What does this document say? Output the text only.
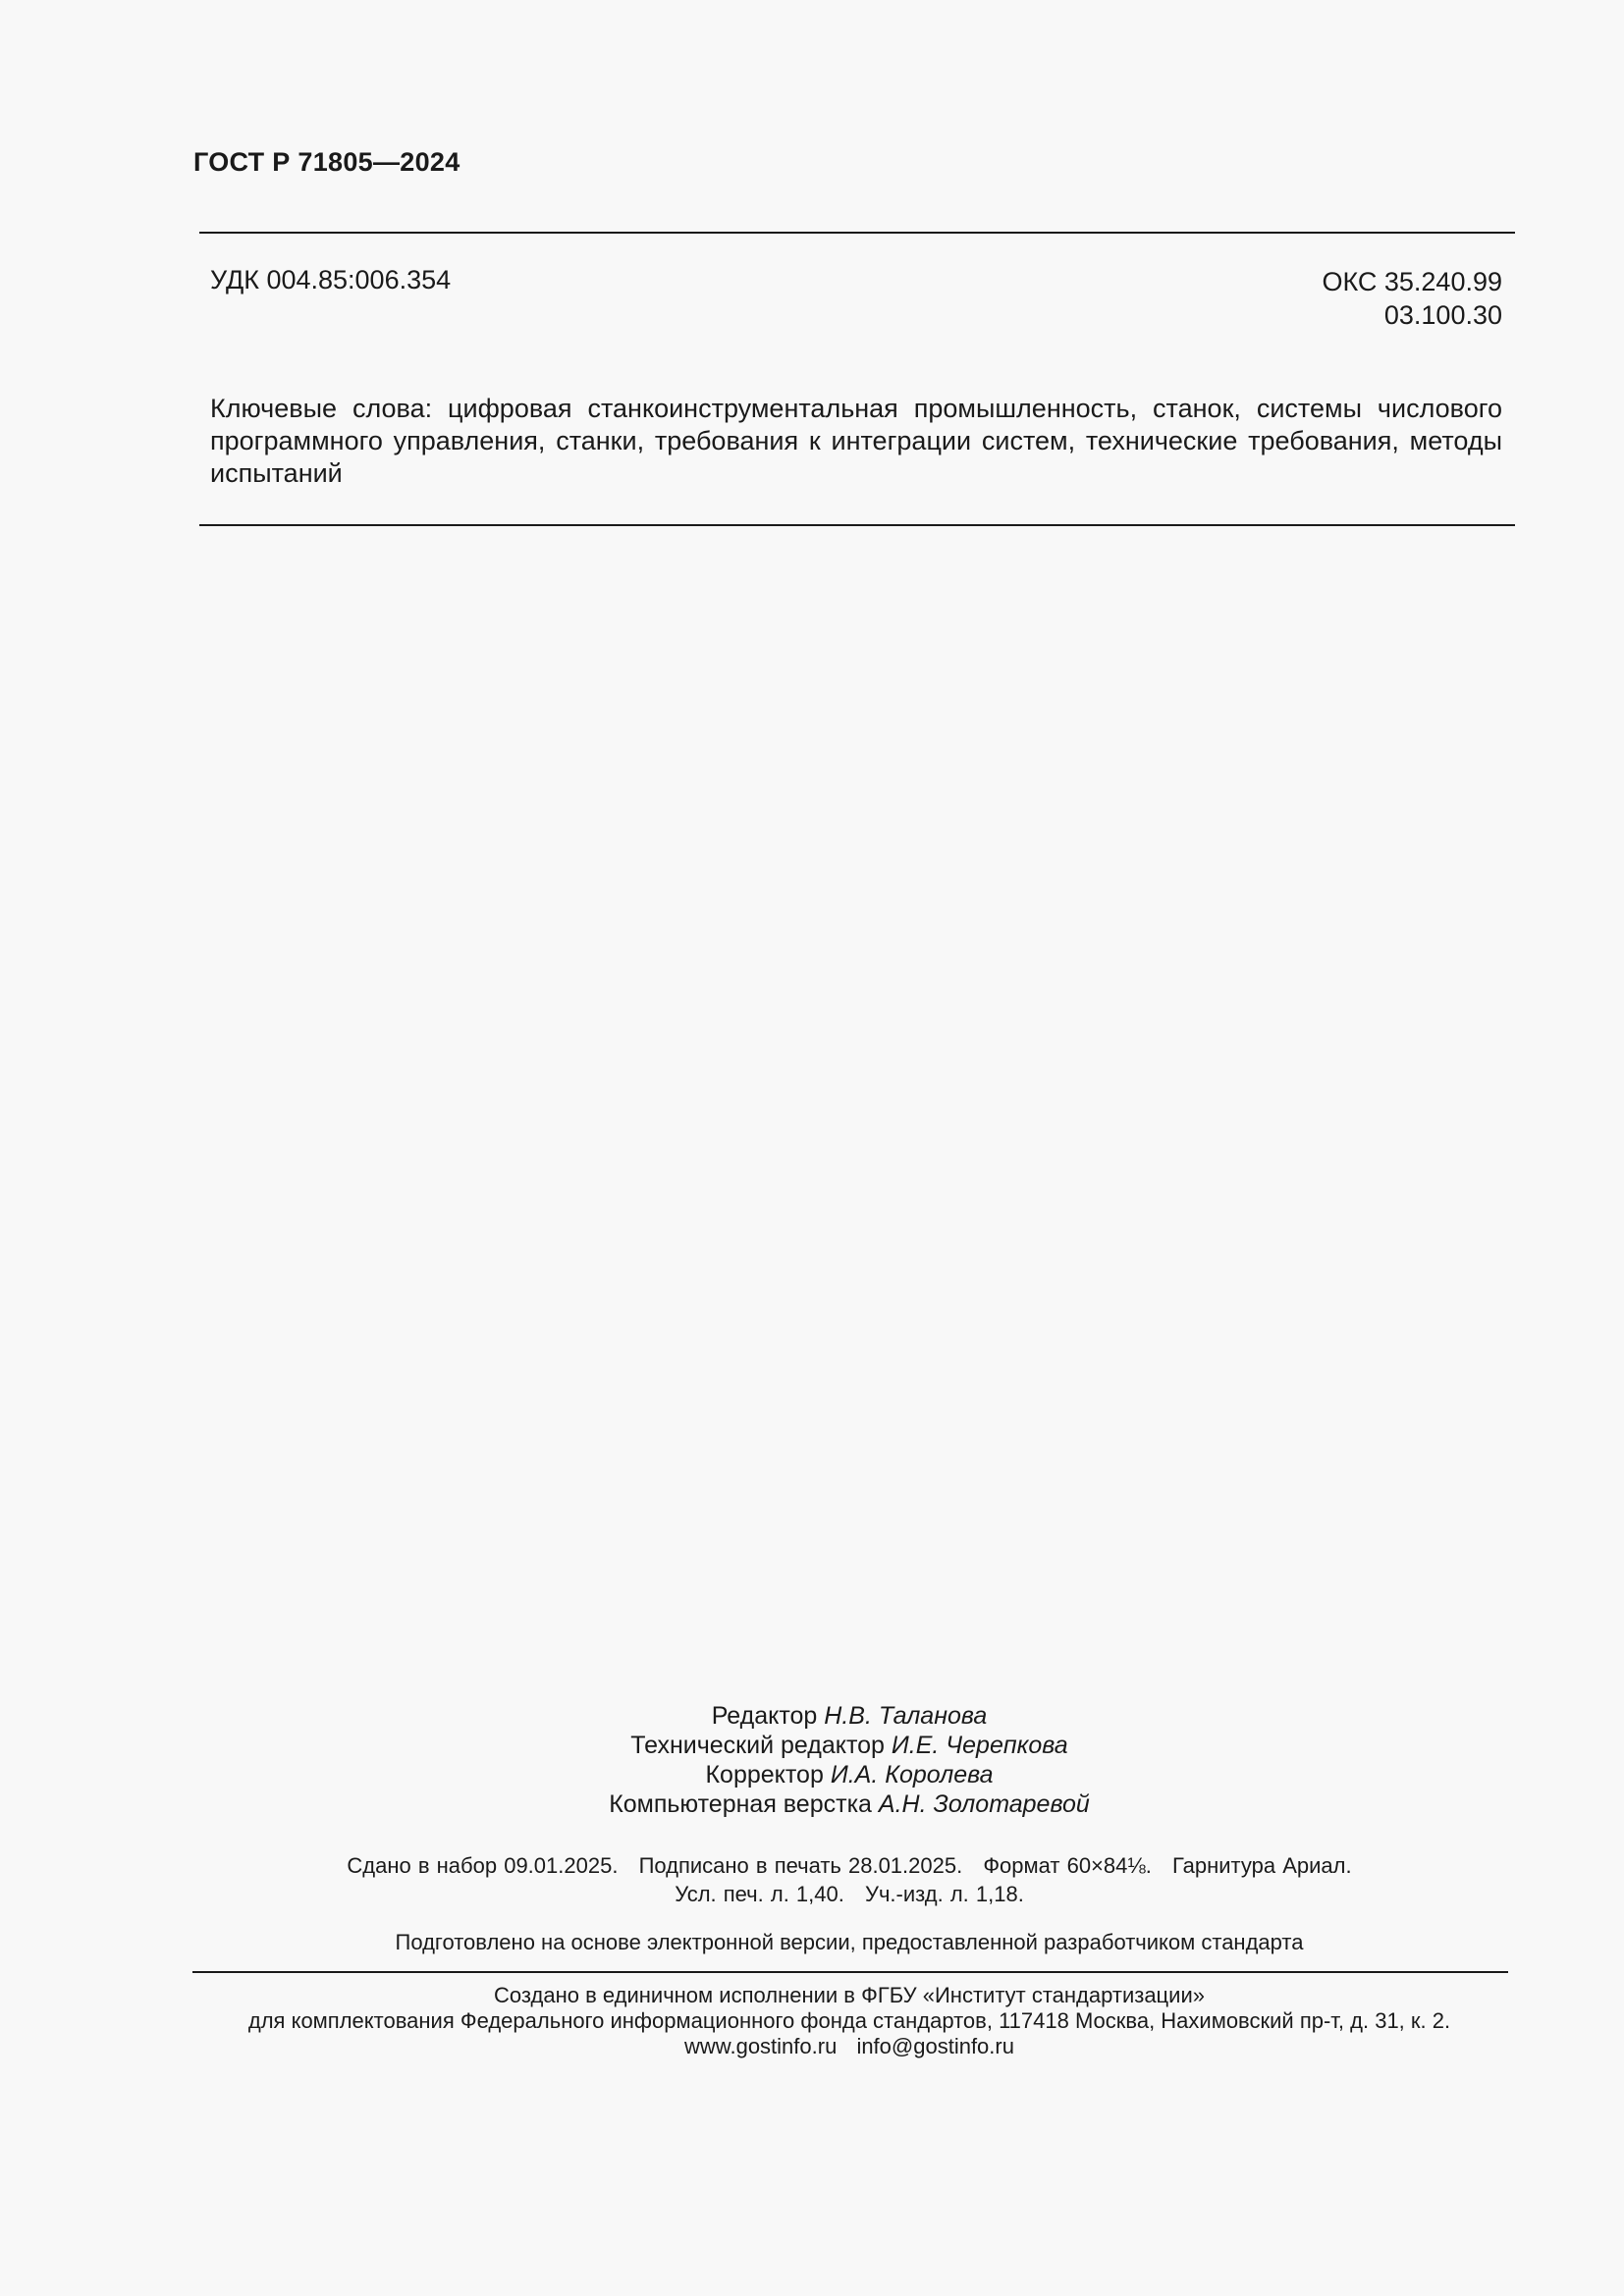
ГОСТ Р 71805—2024
УДК 004.85:006.354	ОКС 35.240.99
03.100.30
Ключевые слова: цифровая станкоинструментальная промышленность, станок, системы числового программного управления, станки, требования к интеграции систем, технические требования, методы испытаний
Редактор Н.В. Таланова
Технический редактор И.Е. Черепкова
Корректор И.А. Королева
Компьютерная верстка А.Н. Золотаревой
Сдано в набор 09.01.2025. Подписано в печать 28.01.2025. Формат 60×84⅛. Гарнитура Ариал.
Усл. печ. л. 1,40. Уч.-изд. л. 1,18.
Подготовлено на основе электронной версии, предоставленной разработчиком стандарта
Создано в единичном исполнении в ФГБУ «Институт стандартизации»
для комплектования Федерального информационного фонда стандартов, 117418 Москва, Нахимовский пр-т, д. 31, к. 2.
www.gostinfo.ru info@gostinfo.ru
